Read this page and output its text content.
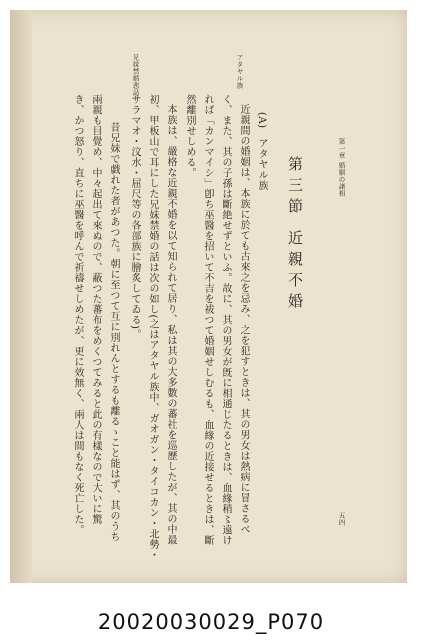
第一章 婚姻の諸相
五四
第三節 近親不婚
(A)
アタヤル族
アタヤル族
兄妹禁婚悲話
近親間の婚姻は、本族に於ても古來之を忌み、之を犯すときは、其の男女は熱病に冒さるべ
く、また、其の子孫は斷絶せずといふ。故に、其の男女が旣に相通じたるときは、血緣稍〻遠け
れば「カンマイシ」卽ち巫醫を招いて不吉を祓つて婚姻せしむるも、血緣の近接せるときは、斷
然離別せしめる。
本族は、嚴格な近親不婚を以て知られて居り、私は其の大多數の蕃社を巡歷したが、其の中最
初、甲板山で耳にした兄妹禁婚の話は次の如し(之はアタヤル族中、ガオガン・タイコカン・北勢・
サラマオ・汶水・屈尺等の各部族に膾炙してゐる)。
昔兄妹で戯れた者があつた。朝に至つて互に別れんとするも離るゝこと能はず、其のうち
兩親も目覺め、中々起出て來ぬので、蔽つた蕃布をめくつてみると此の有樣なので大いに驚
き、かつ怒り、直ちに巫醫を呼んで祈禱せしめたが、更に效無く、兩人は間もなく死亡した。
20020030029_P070
